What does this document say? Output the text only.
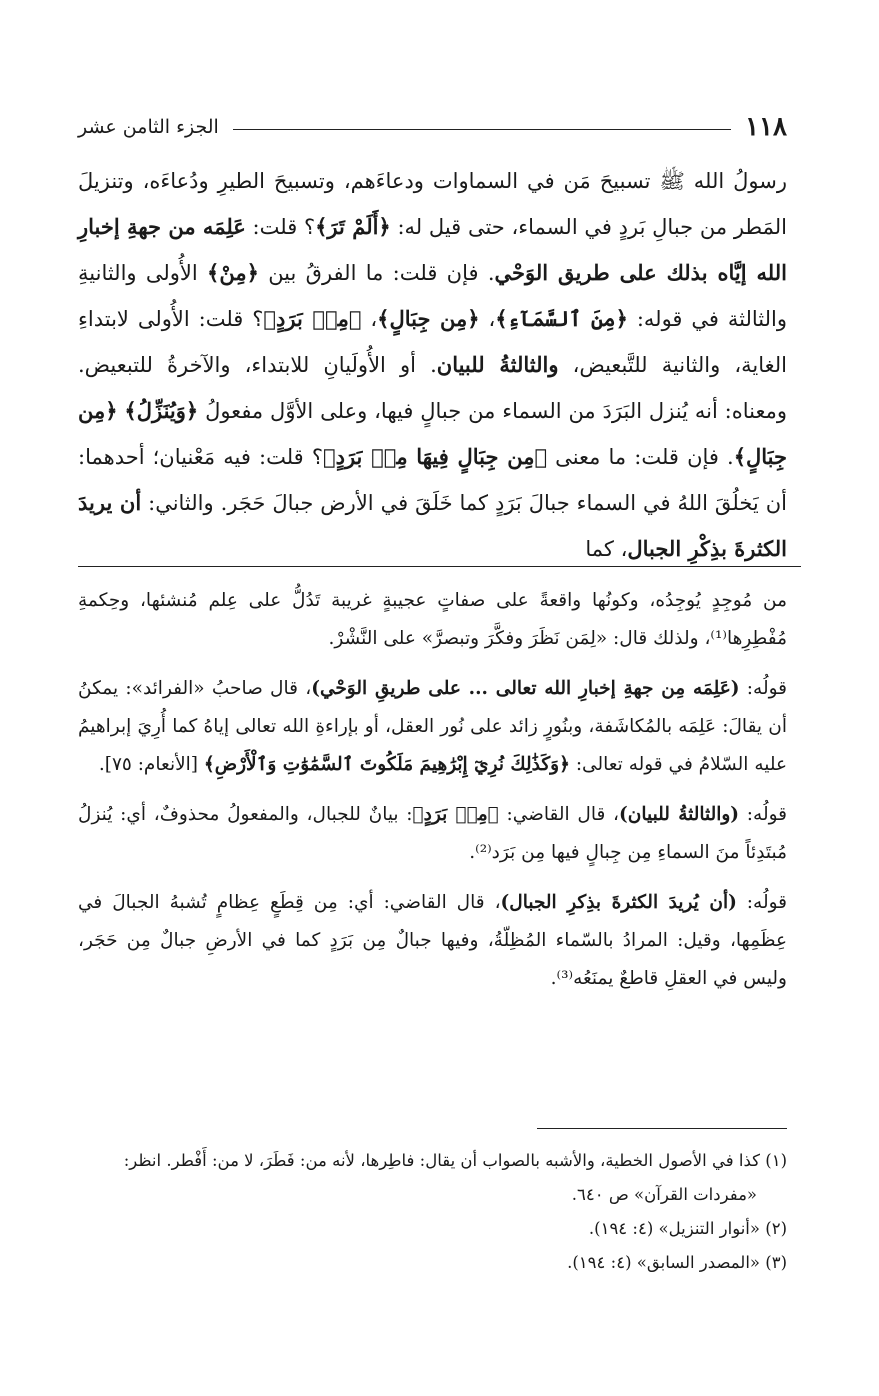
١١٨
الجزء الثامن عشر

رسولُ الله ﷺ تسبيحَ مَن في السماوات ودعاءَهم، وتسبيحَ الطيرِ ودُعاءَه، وتنزيلَ المَطر من جبالِ بَردٍ في السماء، حتى قيل له: ﴿أَلَمْ تَرَ﴾؟ قلت: عَلِمَه من جهةِ إخبارِ الله إيَّاه بذلك على طريق الوَحْي. فإن قلت: ما الفرقُ بين ﴿مِنْ﴾ الأُولى والثانيةِ والثالثة في قوله: ﴿مِنَ ٱلسَّمَآءِ﴾، ﴿مِن جِبَالٍ﴾، ﴿مِنۢ بَرَدٍ﴾؟ قلت: الأُولى لابتداءِ الغاية، والثانية للتَّبعيض، والثالثةُ للبيان. أو الأُولَيانِ للابتداء، والآخرةُ للتبعيض. ومعناه: أنه يُنزل البَرَدَ من السماء من جبالٍ فيها، وعلى الأوَّل مفعولُ ﴿وَيُنَزِّلُ﴾ ﴿مِن جِبَالٍ﴾. فإن قلت: ما معنى ﴿مِن جِبَالٍ فِيهَا مِنۢ بَرَدٍ﴾؟ قلت: فيه مَعْنيان؛ أحدهما: أن يَخلُقَ اللهُ في السماء جبالَ بَرَدٍ كما خَلَقَ في الأرض جبالَ حَجَر. والثاني: أن يريدَ الكثرةَ بذِكْرِ الجبال، كما

من مُوجِدٍ يُوجِدُه، وكونُها واقعةً على صفاتٍ عجيبةٍ غريبة تَدُلُّ على عِلم مُنشئها، وحِكمةِ مُفْطِرِها⁽¹⁾، ولذلك قال: «لِمَن نَظَرَ وفكَّرَ وتبصرَّ» على النَّشْرْ.

قولُه: (عَلِمَه مِن جهةِ إخبارِ الله تعالى ... على طريقِ الوَحْي)، قال صاحبُ «الفرائد»: يمكنُ أن يقالَ: عَلِمَه بالمُكاشَفة، وبنُورٍ زائد على نُور العقل، أو بإراءةِ الله تعالى إياهُ كما أُرِيَ إبراهيمُ عليه السّلامُ في قوله تعالى: ﴿وَكَذَٰلِكَ نُرِيٓ إِبْرَٰهِيمَ مَلَكُوتَ ٱلسَّمَٰوَٰتِ وَٱلْأَرْضِ﴾ [الأنعام: ٧٥].

قولُه: (والثالثةُ للبيان)، قال القاضي: ﴿مِنۢ بَرَدٍ﴾: بيانٌ للجبال، والمفعولُ محذوفٌ، أي: يُنزلُ مُبتَدِئاً منَ السماءِ مِن جِبالٍ فيها مِن بَرَد⁽²⁾.

قولُه: (أن يُريدَ الكثرةَ بذِكرِ الجبال)، قال القاضي: أي: مِن قِطَعٍ عِظامٍ تُشبهُ الجبالَ في عِظَمِها، وقيل: المرادُ بالسّماء المُظِلّةُ، وفيها جبالٌ مِن بَرَدٍ كما في الأرضِ جبالٌ مِن حَجَر، وليس في العقلِ قاطعٌ يمنَعُه⁽³⁾.

(١) كذا في الأصول الخطية، والأشبه بالصواب أن يقال: فاطِرها، لأنه من: فَطَرَ، لا من: أَفْطر. انظر:

«مفردات القرآن» ص ٦٤٠.

(٢) «أنوار التنزيل» (٤: ١٩٤).

(٣) «المصدر السابق» (٤: ١٩٤).
